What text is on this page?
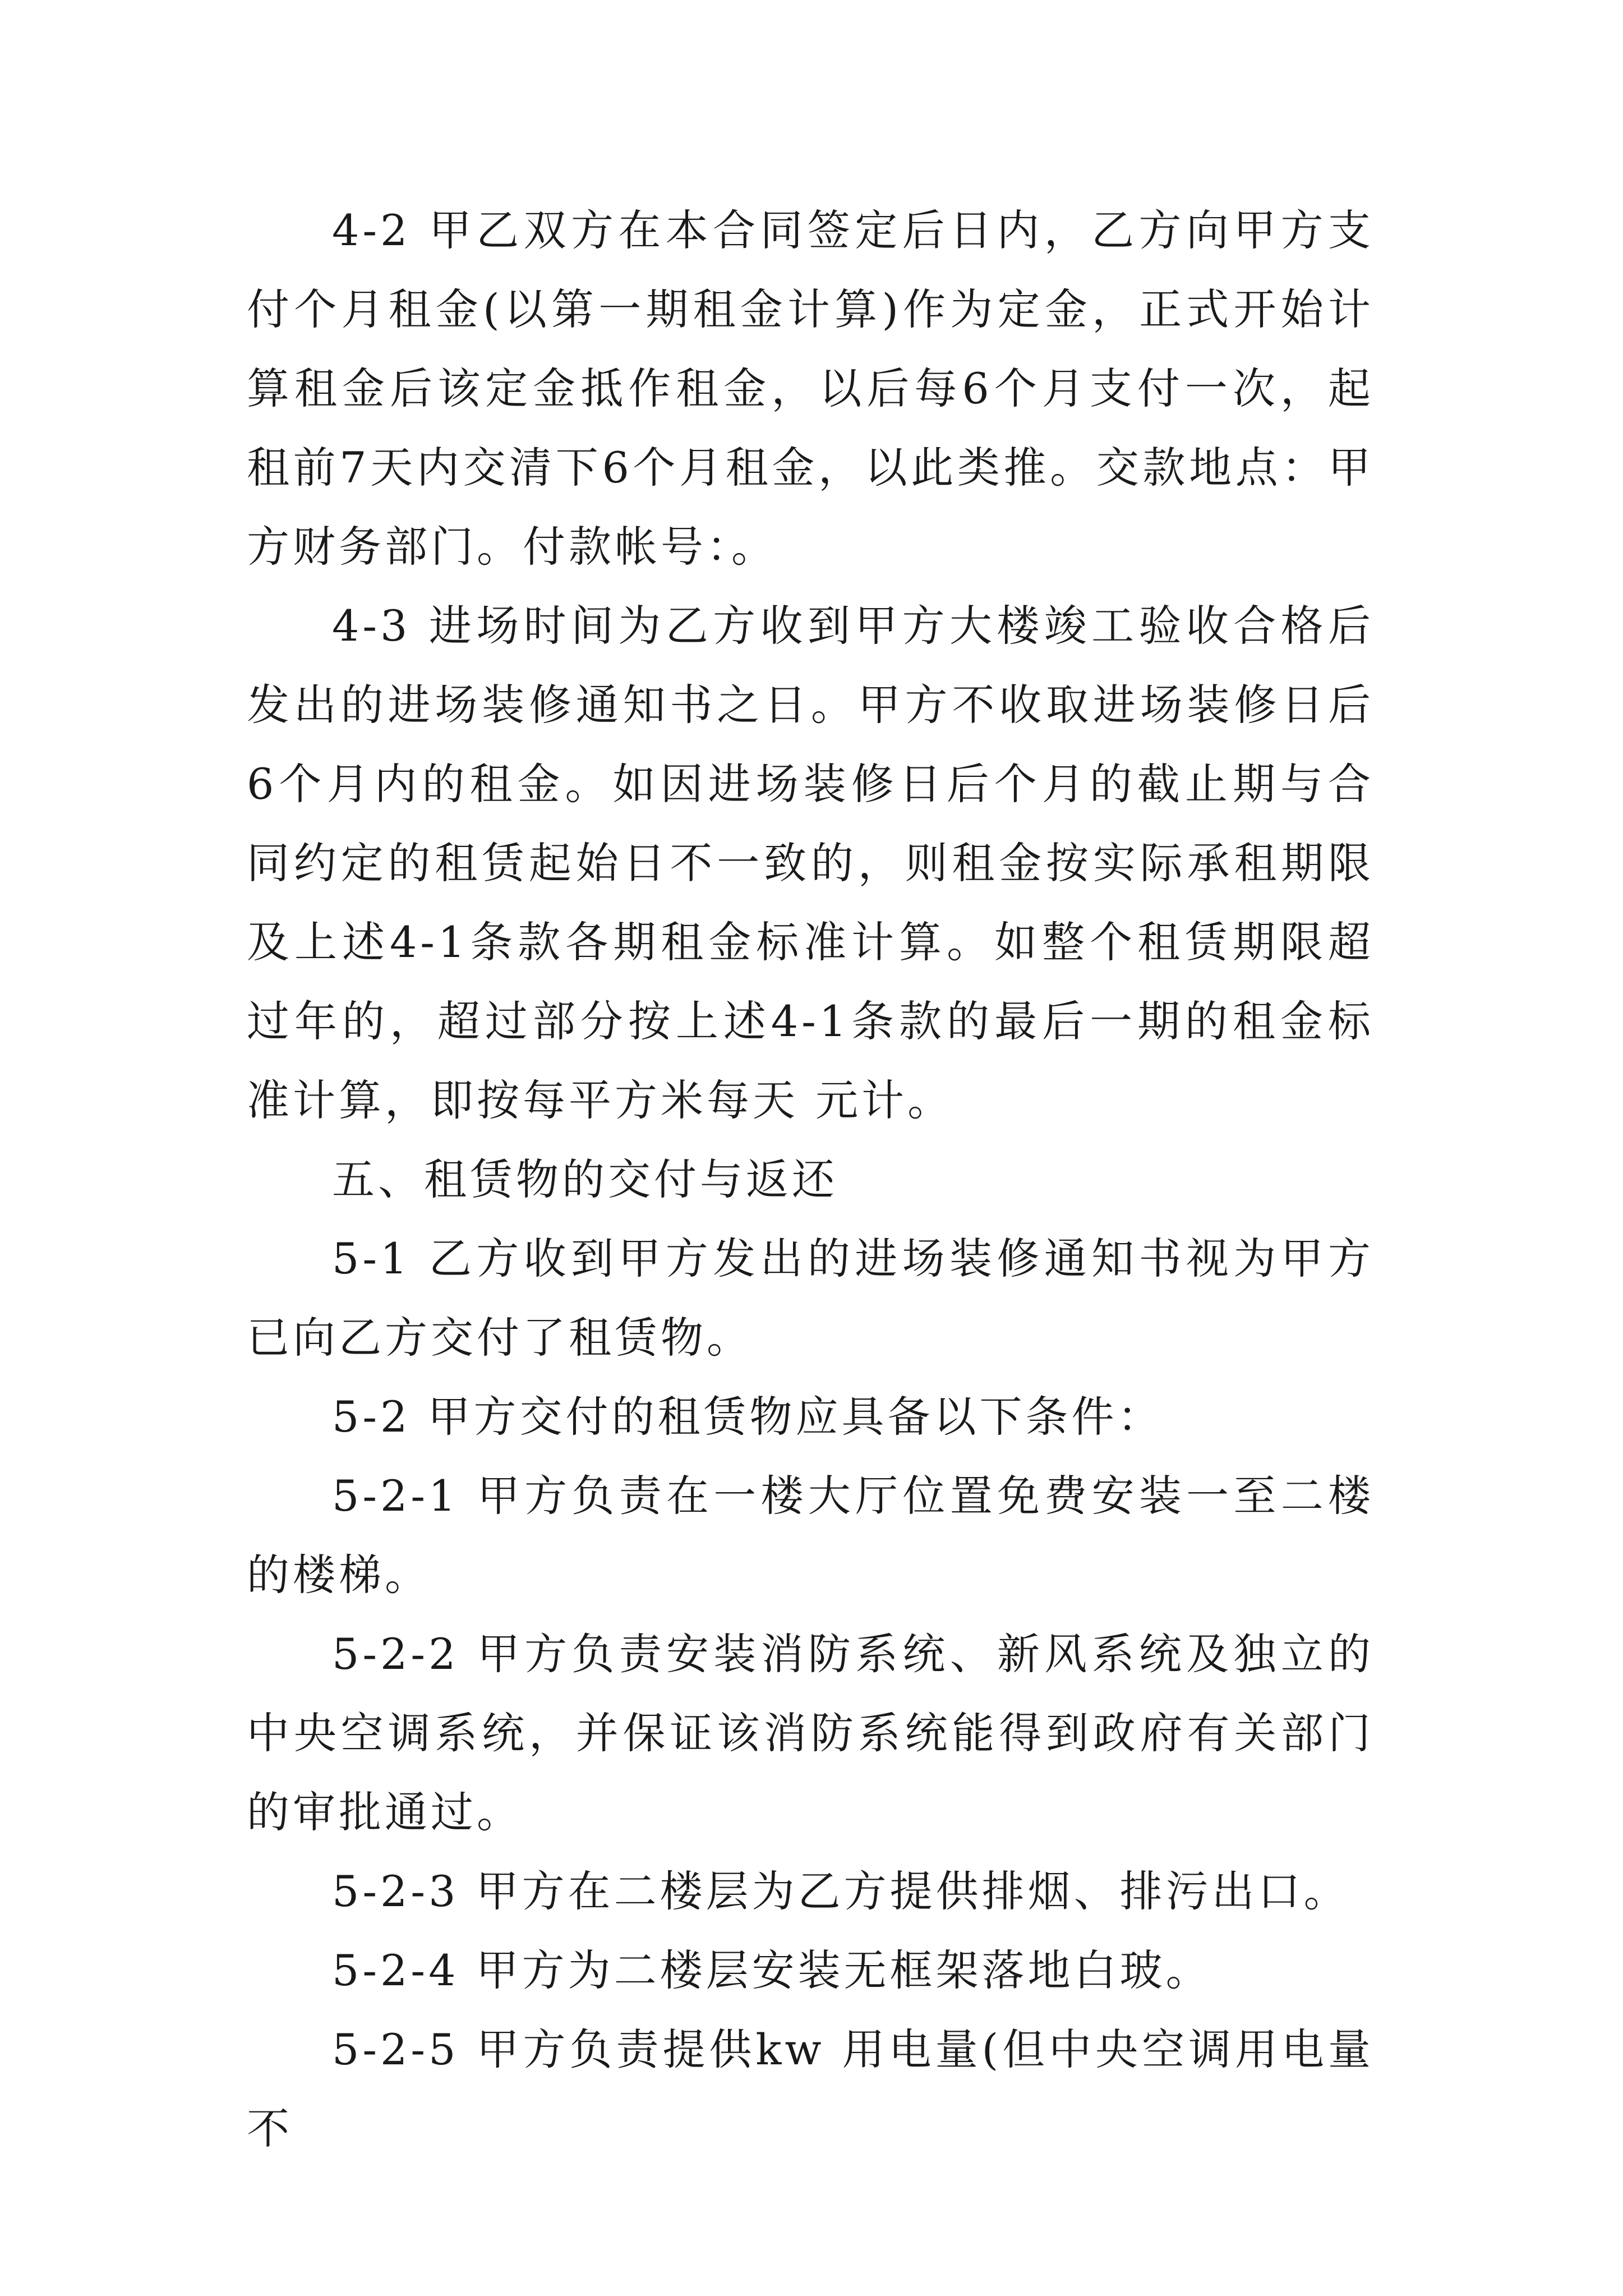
4-2 甲乙双方在本合同签定后日内，乙方向甲方支付个月租金(以第一期租金计算)作为定金，正式开始计算租金后该定金抵作租金，以后每6个月支付一次，起租前7天内交清下6个月租金，以此类推。交款地点：甲方财务部门。付款帐号：。

4-3 进场时间为乙方收到甲方大楼竣工验收合格后发出的进场装修通知书之日。甲方不收取进场装修日后6个月内的租金。如因进场装修日后个月的截止期与合同约定的租赁起始日不一致的，则租金按实际承租期限及上述4-1条款各期租金标准计算。如整个租赁期限超过年的，超过部分按上述4-1条款的最后一期的租金标准计算，即按每平方米每天 元计。

五、租赁物的交付与返还

5-1 乙方收到甲方发出的进场装修通知书视为甲方已向乙方交付了租赁物。

5-2 甲方交付的租赁物应具备以下条件：

5-2-1 甲方负责在一楼大厅位置免费安装一至二楼的楼梯。

5-2-2 甲方负责安装消防系统、新风系统及独立的中央空调系统，并保证该消防系统能得到政府有关部门的审批通过。

5-2-3 甲方在二楼层为乙方提供排烟、排污出口。

5-2-4 甲方为二楼层安装无框架落地白玻。

5-2-5 甲方负责提供kw 用电量(但中央空调用电量不
